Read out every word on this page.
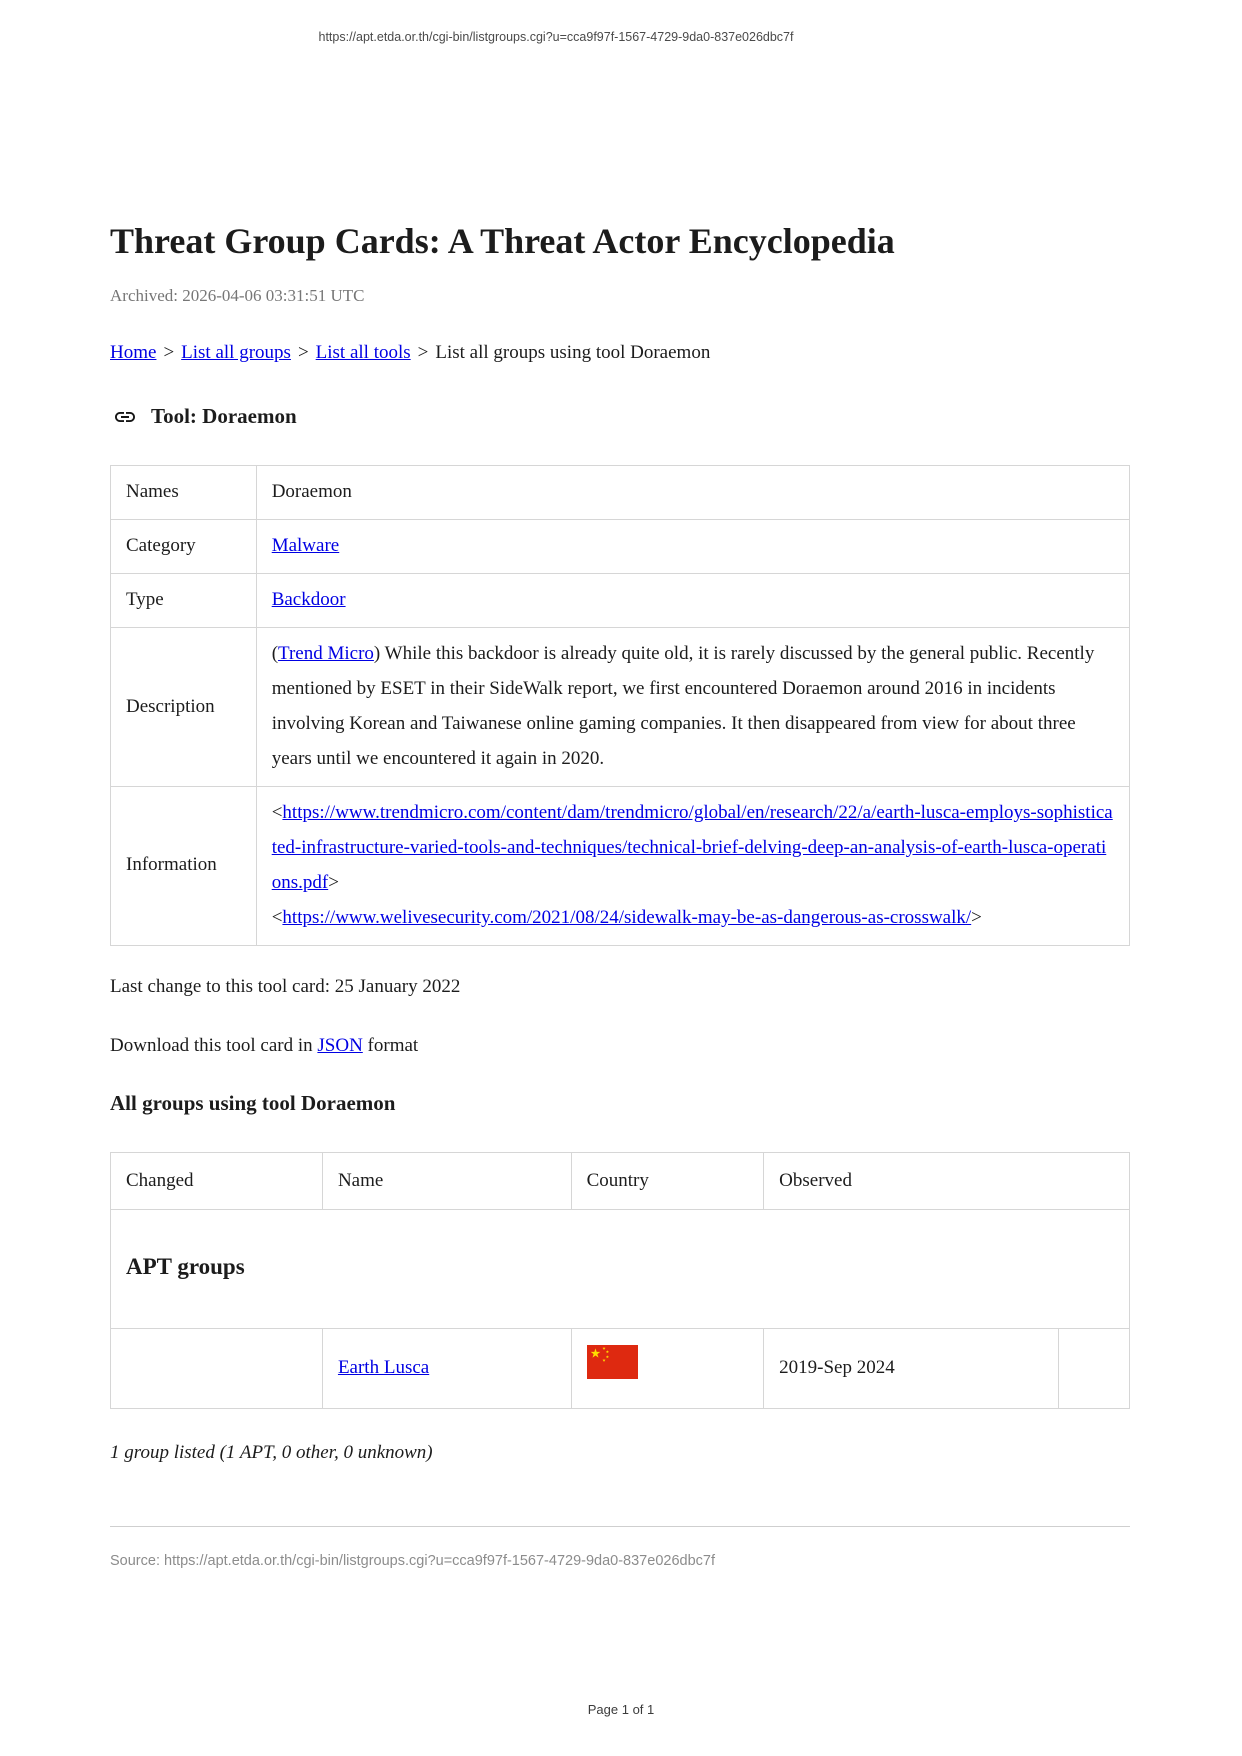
https://apt.etda.or.th/cgi-bin/listgroups.cgi?u=cca9f97f-1567-4729-9da0-837e026dbc7f
Threat Group Cards: A Threat Actor Encyclopedia

Archived: 2026-04-06 03:31:51 UTC

Home > List all groups > List all tools > List all groups using tool Doraemon

Tool: Doraemon
Names	Doraemon
Category	Malware
Type	Backdoor
Description	(Trend Micro) While this backdoor is already quite old, it is rarely discussed by the general public. Recently mentioned by ESET in their SideWalk report, we first encountered Doraemon around 2016 in incidents involving Korean and Taiwanese online gaming companies. It then disappeared from view for about three years until we encountered it again in 2020.
Information	<https://www.trendmicro.com/content/dam/trendmicro/global/en/research/22/a/earth-lusca-employs-sophisticated-infrastructure-varied-tools-and-techniques/technical-brief-delving-deep-an-analysis-of-earth-lusca-operations.pdf>
<https://www.welivesecurity.com/2021/08/24/sidewalk-may-be-as-dangerous-as-crosswalk/>

Last change to this tool card: 25 January 2022

Download this tool card in JSON format

All groups using tool Doraemon
Changed	Name	Country	Observed	
APT groups				
	Earth Lusca		2019-Sep 2024	

1 group listed (1 APT, 0 other, 0 unknown)

Source: https://apt.etda.or.th/cgi-bin/listgroups.cgi?u=cca9f97f-1567-4729-9da0-837e026dbc7f

Page 1 of 1
